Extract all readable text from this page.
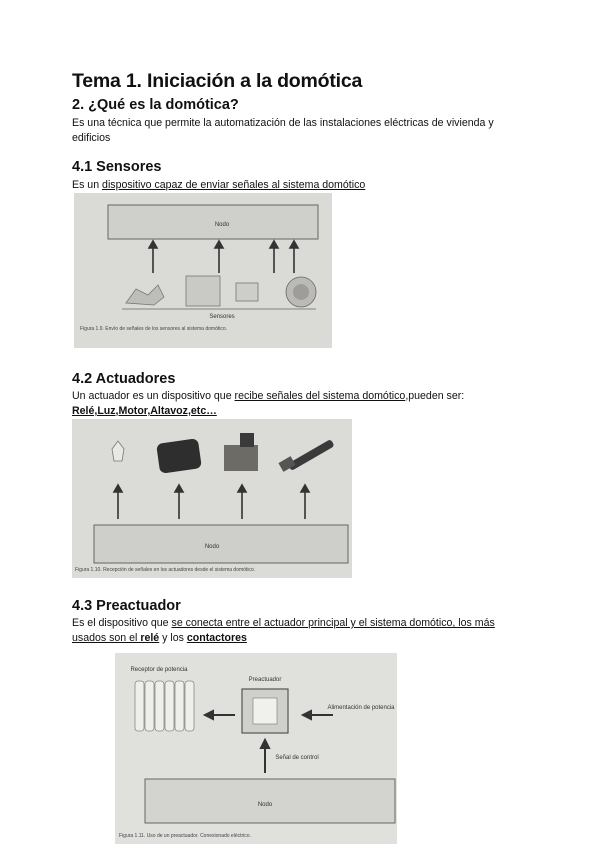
Tema 1. Iniciación a la domótica
2. ¿Qué es la domótica?
Es una técnica que permite la automatización de las instalaciones eléctricas de vivienda y edificios
4.1 Sensores
Es un dispositivo capaz de enviar señales al sistema domótico
Nodo
Sensores
Figura 1.9. Envío de señales de los sensores al sistema domótico.
4.2 Actuadores
Un actuador es un dispositivo que recibe señales del sistema domótico,pueden ser:
Relé,Luz,Motor,Altavoz,etc…
Nodo
Figura 1.10. Recepción de señales en los actuadores desde el sistema domótico.
4.3 Preactuador
Es el dispositivo que se conecta entre el actuador principal y el sistema domótico, los más usados son el relé y los contactores
Receptor de potencia
Preactuador
Alimentación de potencia
Señal de control
Nodo
Figura 1.11. Uso de un preactuador. Conexionado eléctrico.
